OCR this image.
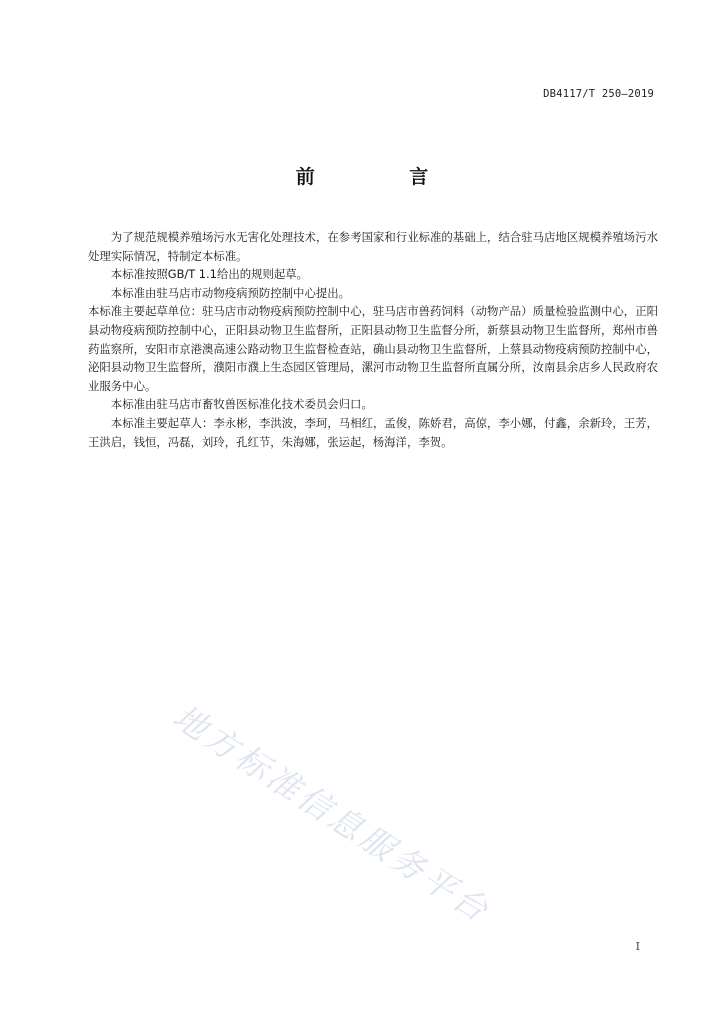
DB4117/T 250—2019
前 言

为了规范规模养殖场污水无害化处理技术，在参考国家和行业标准的基础上，结合驻马店地区规模养殖场污水处理实际情况，特制定本标准。

本标准按照GB/T 1.1给出的规则起草。

本标准由驻马店市动物疫病预防控制中心提出。

本标准主要起草单位：驻马店市动物疫病预防控制中心，驻马店市兽药饲料（动物产品）质量检验监测中心，正阳县动物疫病预防控制中心，正阳县动物卫生监督所，正阳县动物卫生监督分所，新蔡县动物卫生监督所，郑州市兽药监察所，安阳市京港澳高速公路动物卫生监督检查站，确山县动物卫生监督所，上蔡县动物疫病预防控制中心，泌阳县动物卫生监督所，濮阳市濮上生态园区管理局，漯河市动物卫生监督所直属分所，汝南县余店乡人民政府农业服务中心。

本标准由驻马店市畜牧兽医标准化技术委员会归口。

本标准主要起草人：李永彬，李洪波，李珂，马相红，孟俊，陈娇君，高倞，李小娜，付鑫，余新玲，王芳，王洪启，钱恒，冯磊，刘玲，孔红节，朱海娜，张运起，杨海洋，李贺。

地方标准信息服务平台
I
